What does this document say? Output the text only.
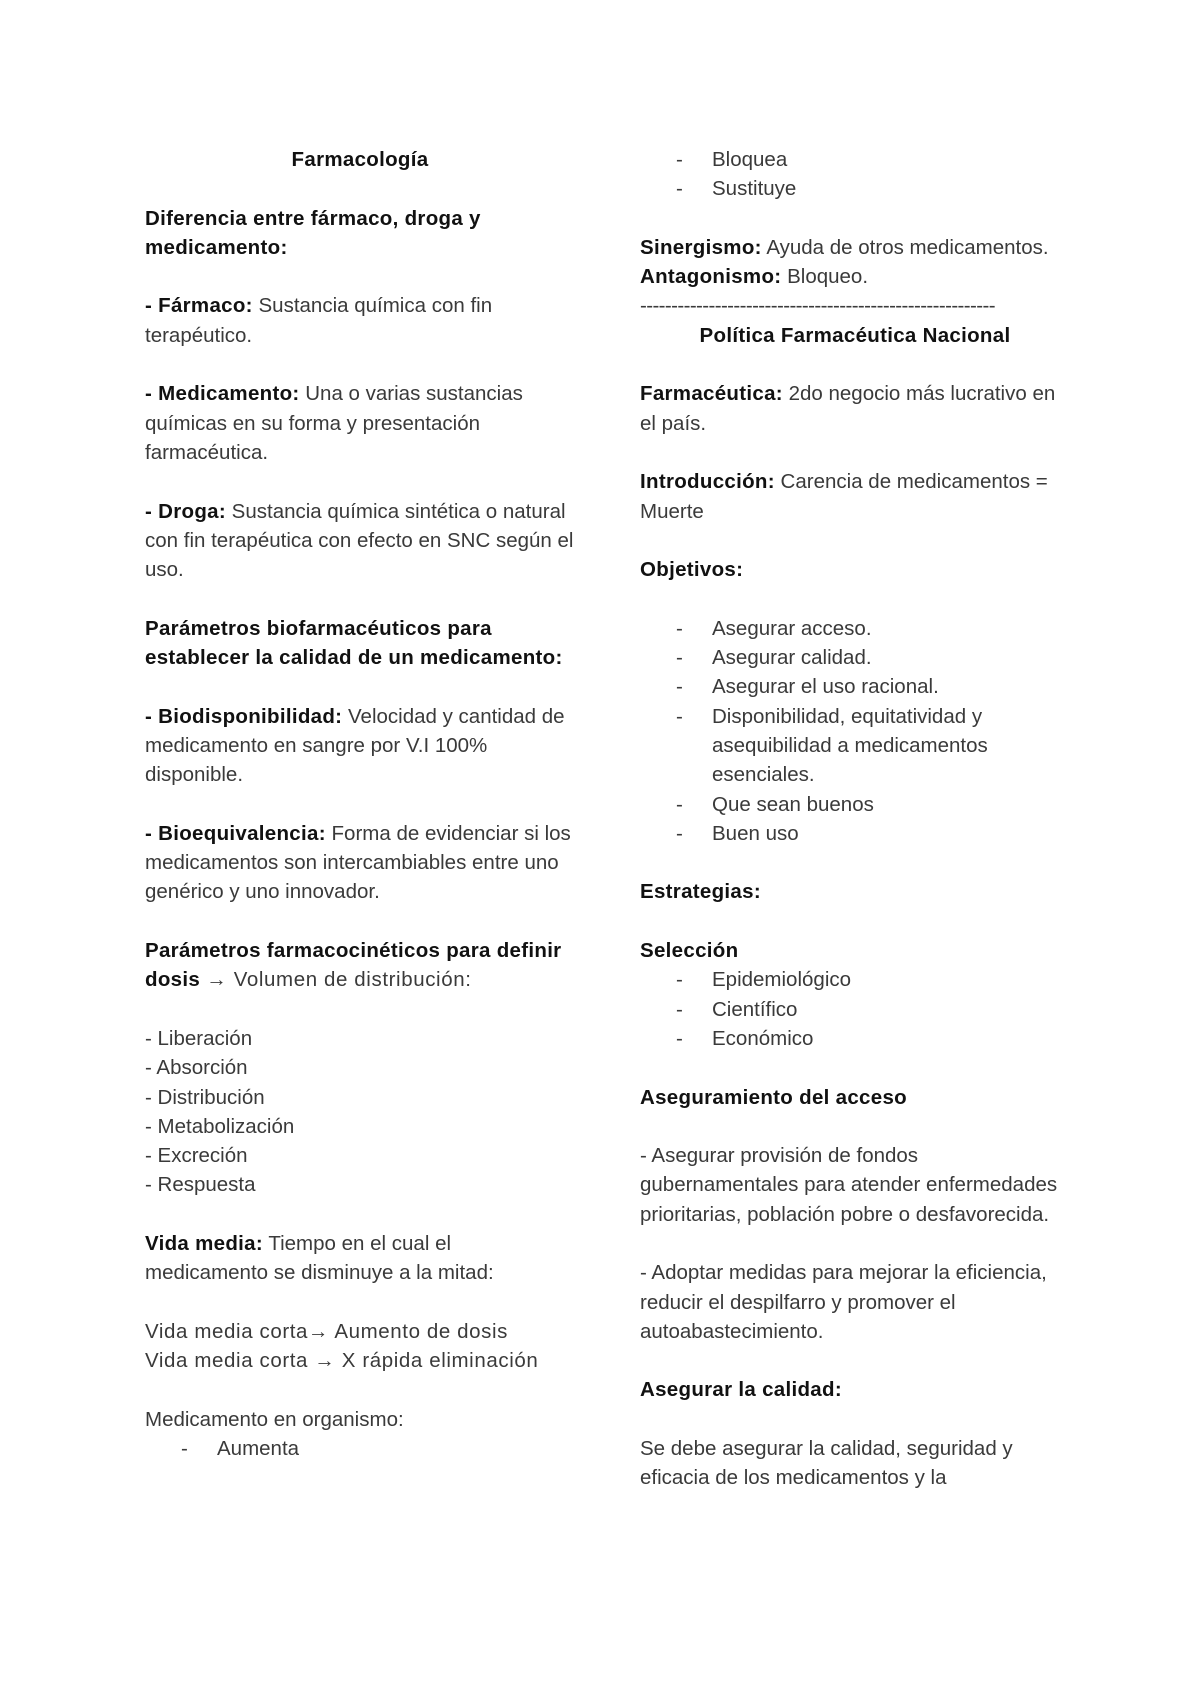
Farmacología

Diferencia entre fármaco, droga y medicamento:

- Fármaco: Sustancia química con fin terapéutico.

- Medicamento: Una o varias sustancias químicas en su forma y presentación farmacéutica.

- Droga: Sustancia química sintética o natural con fin terapéutica con efecto en SNC según el uso.

Parámetros biofarmacéuticos para establecer la calidad de un medicamento:

- Biodisponibilidad: Velocidad y cantidad de medicamento en sangre por V.I 100% disponible.

- Bioequivalencia: Forma de evidenciar si los medicamentos son intercambiables entre uno genérico y uno innovador.

Parámetros farmacocinéticos para definir dosis → Volumen de distribución:

- Liberación

- Absorción

- Distribución

- Metabolización

- Excreción

- Respuesta

Vida media: Tiempo en el cual el medicamento se disminuye a la mitad:

Vida media corta→ Aumento de dosis

Vida media corta → X rápida eliminación

Medicamento en organismo:

- Aumenta
- Bloquea
- Sustituye

Sinergismo: Ayuda de otros medicamentos.

Antagonismo: Bloqueo.

---------------------------------------------------------

Política Farmacéutica Nacional

Farmacéutica: 2do negocio más lucrativo en el país.

Introducción: Carencia de medicamentos = Muerte

Objetivos:

- Asegurar acceso.
- Asegurar calidad.
- Asegurar el uso racional.
- Disponibilidad, equitatividad y asequibilidad a medicamentos esenciales.
- Que sean buenos
- Buen uso

Estrategias:

Selección

- Epidemiológico
- Científico
- Económico

Aseguramiento del acceso

- Asegurar provisión de fondos gubernamentales para atender enfermedades prioritarias, población pobre o desfavorecida.

- Adoptar medidas para mejorar la eficiencia, reducir el despilfarro y promover el autoabastecimiento.

Asegurar la calidad:

Se debe asegurar la calidad, seguridad y eficacia de los medicamentos y la
